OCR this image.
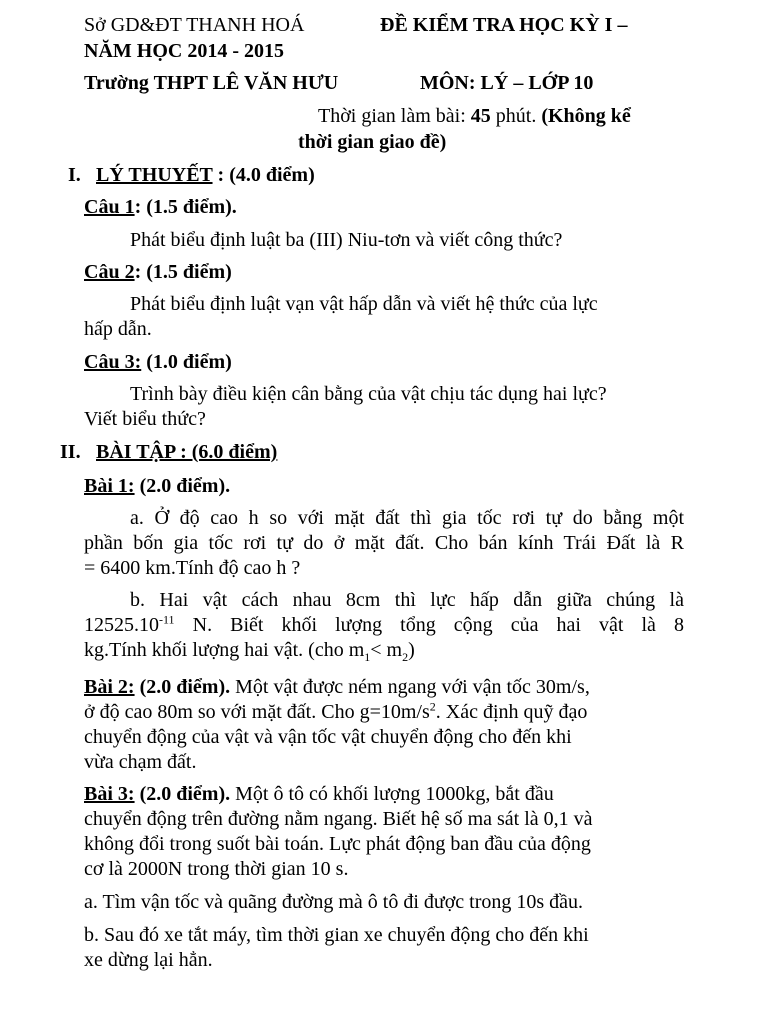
Sở GD&ĐT THANH HOÁ	ĐỀ KIỂM TRA HỌC KỲ I –
NĂM HỌC 2014 - 2015
Trường THPT LÊ VĂN HƯU	MÔN: LÝ – LỚP 10
Thời gian làm bài: 45 phút. (Không kể
thời gian giao đề)
I. LÝ THUYẾT : (4.0 điểm)
Câu 1: (1.5 điểm).
Phát biểu định luật ba (III) Niu-tơn và viết công thức?
Câu 2: (1.5 điểm)
Phát biểu định luật vạn vật hấp dẫn và viết hệ thức của lực
hấp dẫn.
Câu 3: (1.0 điểm)
Trình bày điều kiện cân bằng của vật chịu tác dụng hai lực?
Viết biểu thức?
II. BÀI TẬP : (6.0 điểm)
Bài 1: (2.0 điểm).
a. Ở độ cao h so với mặt đất thì gia tốc rơi tự do bằng một
phần bốn gia tốc rơi tự do ở mặt đất. Cho bán kính Trái Đất là R
= 6400 km.Tính độ cao h ?
b. Hai vật cách nhau 8cm thì lực hấp dẫn giữa chúng là
$12525.10^{-11}$ N. Biết khối lượng tổng cộng của hai vật là 8
kg.Tính khối lượng hai vật. (cho $m_1< m_2$)
Bài 2: (2.0 điểm). Một vật được ném ngang với vận tốc 30m/s,
ở độ cao 80m so với mặt đất. Cho $g=10m/s^2$. Xác định quỹ đạo
chuyển động của vật và vận tốc vật chuyển động cho đến khi
vừa chạm đất.
Bài 3: (2.0 điểm). Một ô tô có khối lượng 1000kg, bắt đầu
chuyển động trên đường nằm ngang. Biết hệ số ma sát là 0,1 và
không đổi trong suốt bài toán. Lực phát động ban đầu của động
cơ là 2000N trong thời gian 10 s.
a. Tìm vận tốc và quãng đường mà ô tô đi được trong 10s đầu.
b. Sau đó xe tắt máy, tìm thời gian xe chuyển động cho đến khi
xe dừng lại hẳn.
